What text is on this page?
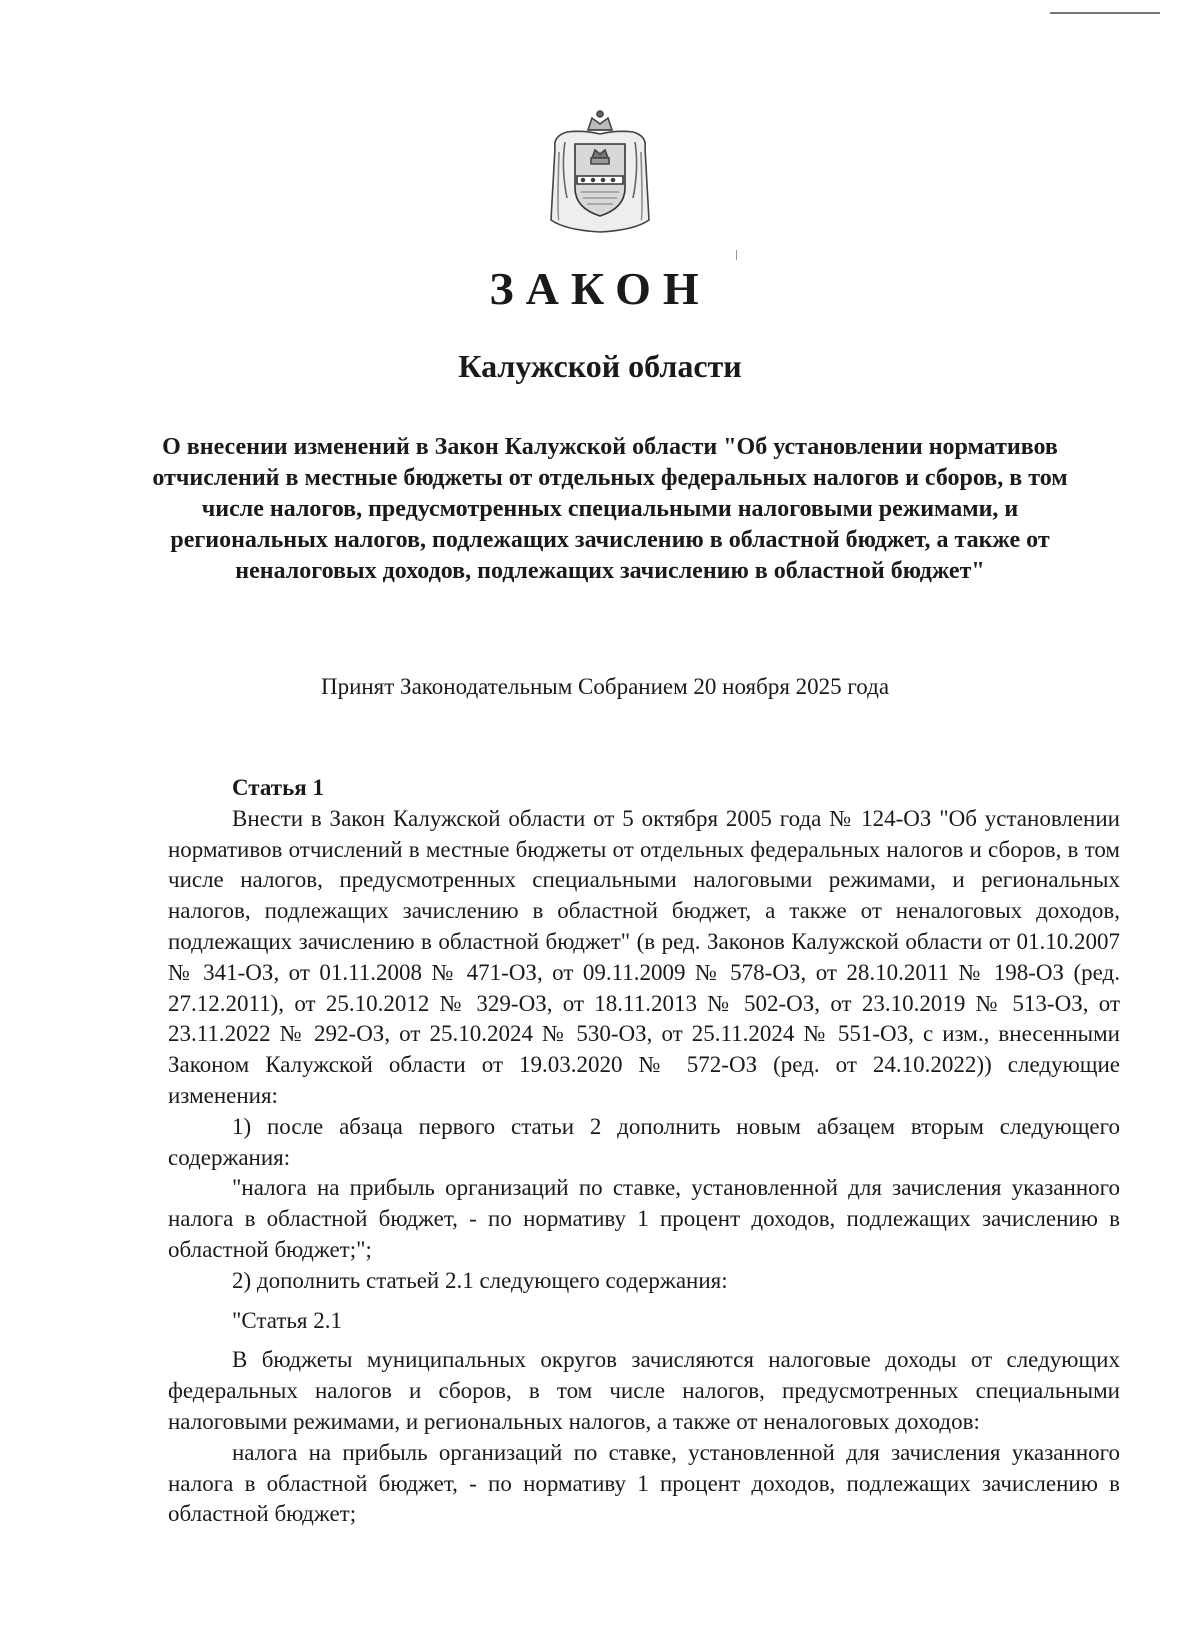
ЗАКОН
Калужской области

О внесении изменений в Закон Калужской области "Об установлении нормативов отчислений в местные бюджеты от отдельных федеральных налогов и сборов, в том числе налогов, предусмотренных специальными налоговыми режимами, и региональных налогов, подлежащих зачислению в областной бюджет, а также от неналоговых доходов, подлежащих зачислению в областной бюджет"

Принят Законодательным Собранием 20 ноября 2025 года

Статья 1

Внести в Закон Калужской области от 5 октября 2005 года № 124-ОЗ "Об установлении нормативов отчислений в местные бюджеты от отдельных федеральных налогов и сборов, в том числе налогов, предусмотренных специальными налоговыми режимами, и региональных налогов, подлежащих зачислению в областной бюджет, а также от неналоговых доходов, подлежащих зачислению в областной бюджет" (в ред. Законов Калужской области от 01.10.2007 № 341-ОЗ, от 01.11.2008 № 471-ОЗ, от 09.11.2009 № 578-ОЗ, от 28.10.2011 № 198-ОЗ (ред. 27.12.2011), от 25.10.2012 № 329-ОЗ, от 18.11.2013 № 502-ОЗ, от 23.10.2019 № 513-ОЗ, от 23.11.2022 № 292-ОЗ, от 25.10.2024 № 530-ОЗ, от 25.11.2024 № 551-ОЗ, с изм., внесенными Законом Калужской области от 19.03.2020 № 572-ОЗ (ред. от 24.10.2022)) следующие изменения:

1) после абзаца первого статьи 2 дополнить новым абзацем вторым следующего содержания:

"налога на прибыль организаций по ставке, установленной для зачисления указанного налога в областной бюджет, - по нормативу 1 процент доходов, подлежащих зачислению в областной бюджет;";

2) дополнить статьей 2.1 следующего содержания:

"Статья 2.1

В бюджеты муниципальных округов зачисляются налоговые доходы от следующих федеральных налогов и сборов, в том числе налогов, предусмотренных специальными налоговыми режимами, и региональных налогов, а также от неналоговых доходов:

налога на прибыль организаций по ставке, установленной для зачисления указанного налога в областной бюджет, - по нормативу 1 процент доходов, подлежащих зачислению в областной бюджет;
